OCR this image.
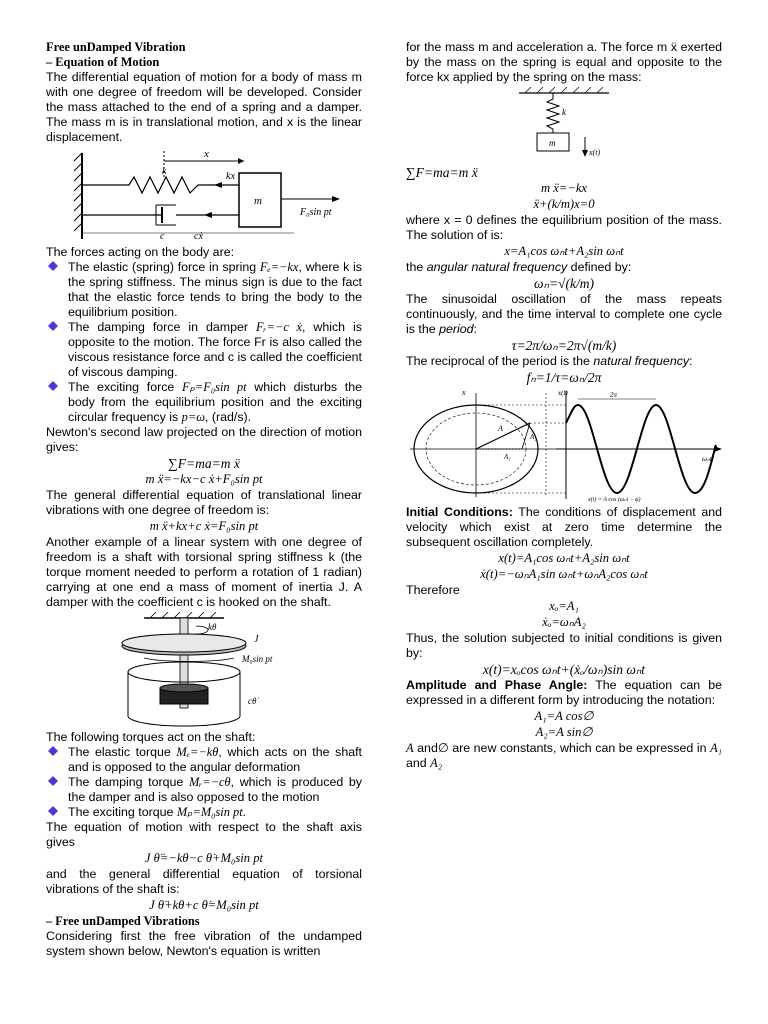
Free unDamped Vibration
– Equation of Motion

The differential equation of motion for a body of mass m with one degree of freedom will be developed. Consider the mass attached to the end of a spring and a damper. The mass m is in translational motion, and x is the linear displacement.

x
k	kx
c	cẋ
m
F₀sin pt

The forces acting on the body are:

The elastic (spring) force in spring Fₑ=−kx, where k is the spring stiffness. The minus sign is due to the fact that the elastic force tends to bring the body to the equilibrium position.
The damping force in damper Fᵣ=−c ẋ, which is opposite to the motion. The force Fr is also called the viscous resistance force and c is called the coefficient of viscous damping.
The exciting force Fₚ=F₀sin pt which disturbs the body from the equilibrium position and the exciting circular frequency is p=ω, (rad/s).

Newton's second law projected on the direction of motion gives:

∑F=ma=m ẍ
m ẍ=−kx−c ẋ+F₀sin pt

The general differential equation of translational linear vibrations with one degree of freedom is:

m ẍ+kx+c ẋ=F₀sin pt

Another example of a linear system with one degree of freedom is a shaft with torsional spring stiffness k (the torque moment needed to perform a rotation of 1 radian) carrying at one end a mass of moment of inertia J. A damper with the coefficient c is hooked on the shaft.

kθ
J
M₀sin pt
cθ̇

The following torques act on the shaft:

The elastic torque Mₑ=−kθ, which acts on the shaft and is opposed to the angular deformation
The damping torque Mᵣ=−cθ, which is produced by the damper and is also opposed to the motion
The exciting torque Mₚ=M₀sin pt.

The equation of motion with respect to the shaft axis gives

J θ̈=−kθ−c θ̇+M₀sin pt

and the general differential equation of torsional vibrations of the shaft is:

J θ̈+kθ+c θ̇=M₀sin pt
– Free unDamped Vibrations

Considering first the free vibration of the undamped system shown below, Newton's equation is written

for the mass m and acceleration a. The force m ẍ exerted by the mass on the spring is equal and opposite to the force kx applied by the spring on the mass:

k
m
x(t)
∑F=ma=m ẍ
m ẍ=−kx
ẍ+(k/m)x=0

where x = 0 defines the equilibrium position of the mass. The solution of is:

x=A₁cos ωₙt+A₂sin ωₙt

the angular natural frequency defined by:

ωₙ=√(k/m)

The sinusoidal oscillation of the mass repeats continuously, and the time interval to complete one cycle is the period:

τ=2π/ωₙ=2π√(m/k)

The reciprocal of the period is the natural frequency:

fₙ=1/τ=ωₙ/2π
x
A
A₁
A₂
x(t)
ωₙt
2π
x(t) = A cos (ωₙt − φ)

Initial Conditions: The conditions of displacement and velocity which exist at zero time determine the subsequent oscillation completely.

x(t)=A₁cos ωₙt+A₂sin ωₙt
ẋ(t)=−ωₙA₁sin ωₙt+ωₙA₂cos ωₙt

Therefore

xₒ=A₁
ẋₒ=ωₙA₂

Thus, the solution subjected to initial conditions is given by:

x(t)=xₒcos ωₙt+(ẋₒ/ωₙ)sin ωₙt

Amplitude and Phase Angle: The equation can be expressed in a different form by introducing the notation:

A₁=A cos∅
A₂=A sin∅

A and∅ are new constants, which can be expressed in A₁ and A₂
